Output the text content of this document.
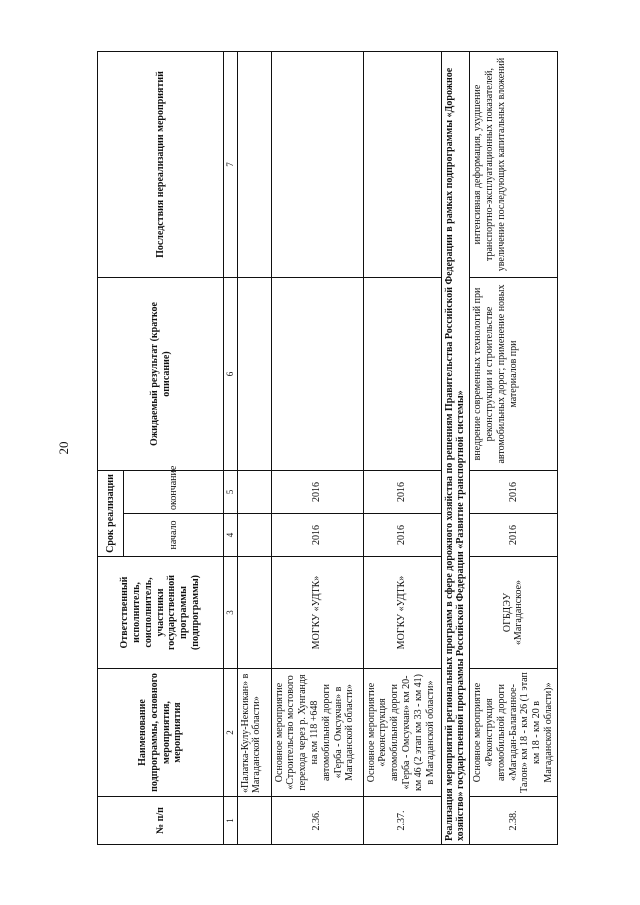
20
№ п/п	Наименование подпрограммы, основного мероприятия, мероприятия	Ответственный исполнитель, соисполнитель, участники государственной программы (подпрограммы)	Срок реализации		Ожидаемый результат (краткое описание)	Последствия нереализации мероприятий
			начало	окончание		
1	2	3	4	5	6	7
	«Палатка-Кулу-Нексикан» в Магаданской области»					
2.36.	Основное мероприятие «Строительство мостового перехода через р. Хунгандя на км 118 +648 автомобильной дороги «Герба - Омсукчан» в Магаданской области»	МОГКУ «УДТК»	2016	2016		
2.37.	Основное мероприятие «Реконструкция автомобильной дороги «Герба - Омсукчан» км 20-км 46 (2 этап км 33 - км 41) в Магаданской области»	МОГКУ «УДТК»	2016	2016		
Реализация мероприятий региональных программ в сфере дорожного хозяйства по решениям Правительства Российской Федерации в рамках подпрограммы «Дорожное хозяйство» государственной программы Российской Федерации «Развитие транспортной системы»						
2.38.	Основное мероприятие «Реконструкция автомобильной дороги «Магадан-Балаганное-Талон» км 18 - км 26 (1 этап км 18 - км 20 в Магаданской области)»	ОГБДЭУ «Магаданское»	2016	2016	внедрение современных технологий при реконструкции и строительстве автомобильных дорог; применение новых материалов при	интенсивная деформация, ухудшение транспортно-эксплуатационных показателей, увеличение последующих капитальных вложений
